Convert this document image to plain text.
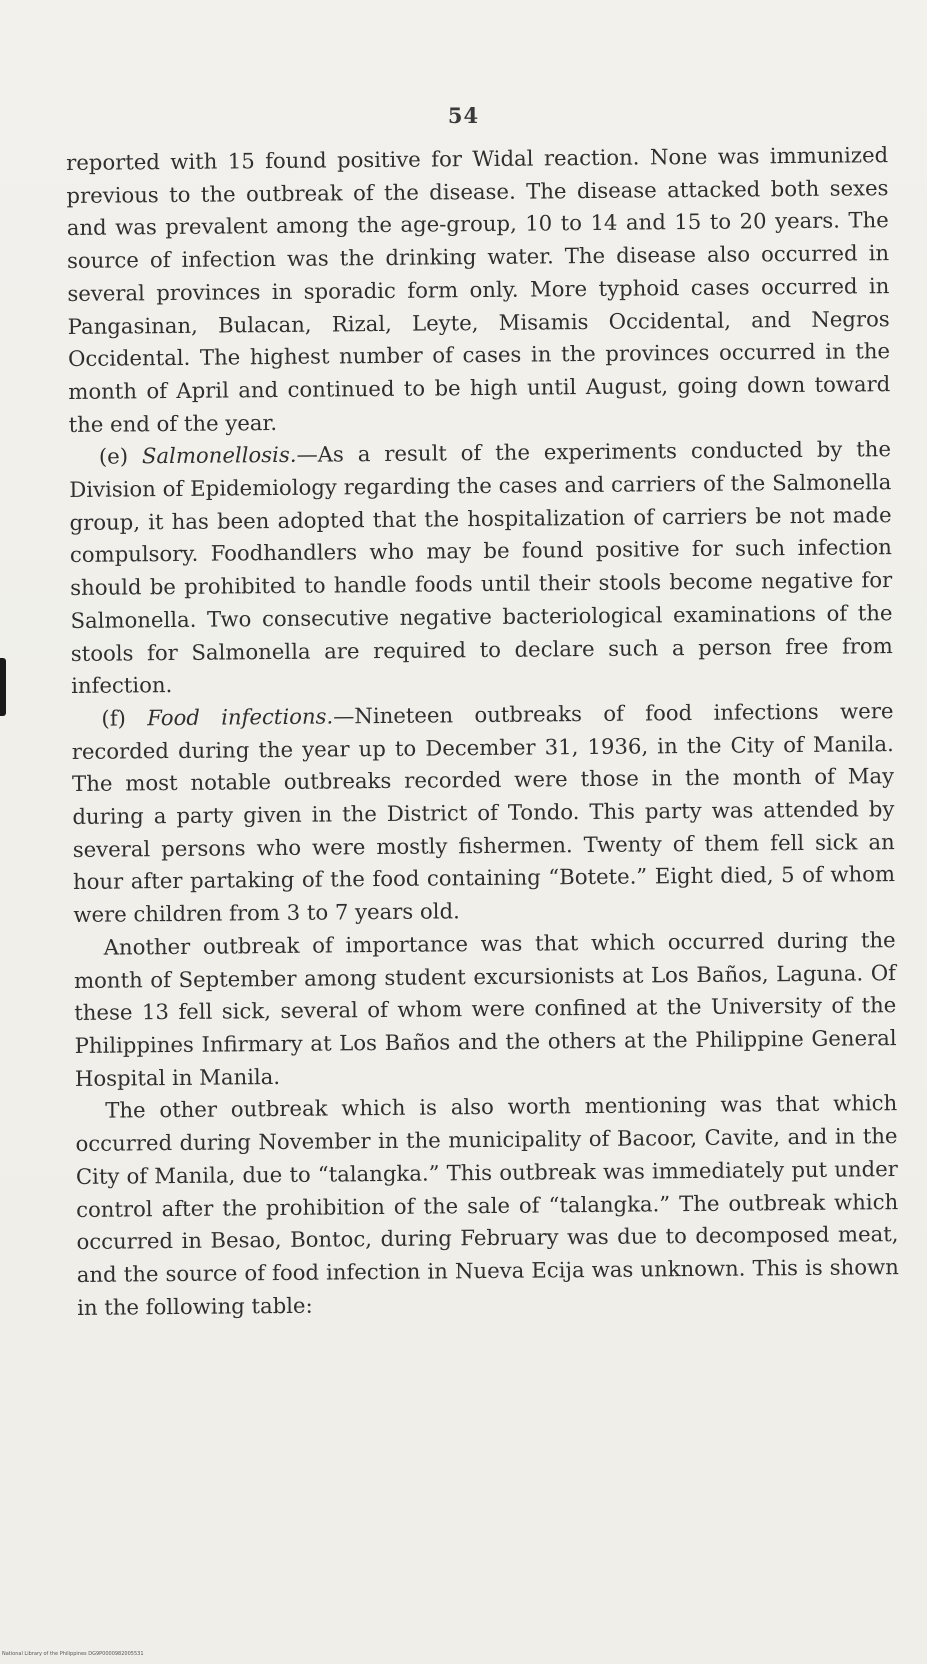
54

reported with 15 found positive for Widal reaction. None was immunized previous to the outbreak of the disease. The disease attacked both sexes and was prevalent among the age-group, 10 to 14 and 15 to 20 years. The source of infection was the drinking water. The disease also occurred in several provinces in sporadic form only. More typhoid cases occurred in Pangasinan, Bulacan, Rizal, Leyte, Misamis Occidental, and Negros Occidental. The highest number of cases in the provinces occurred in the month of April and continued to be high until August, going down toward the end of the year.

(e) Salmonellosis.—As a result of the experiments conducted by the Division of Epidemiology regarding the cases and carriers of the Salmonella group, it has been adopted that the hospitalization of carriers be not made compulsory. Foodhandlers who may be found positive for such infection should be prohibited to handle foods until their stools become negative for Salmonella. Two consecutive negative bacteriological examinations of the stools for Salmonella are required to declare such a person free from infection.

(f) Food infections.—Nineteen outbreaks of food infections were recorded during the year up to December 31, 1936, in the City of Manila. The most notable outbreaks recorded were those in the month of May during a party given in the District of Tondo. This party was attended by several persons who were mostly fishermen. Twenty of them fell sick an hour after partaking of the food containing “Botete.” Eight died, 5 of whom were children from 3 to 7 years old.

Another outbreak of importance was that which occurred during the month of September among student excursionists at Los Baños, Laguna. Of these 13 fell sick, several of whom were confined at the University of the Philippines Infirmary at Los Baños and the others at the Philippine General Hospital in Manila.

The other outbreak which is also worth mentioning was that which occurred during November in the municipality of Bacoor, Cavite, and in the City of Manila, due to “talangka.” This outbreak was immediately put under control after the prohibition of the sale of “talangka.” The outbreak which occurred in Besao, Bontoc, during February was due to decomposed meat, and the source of food infection in Nueva Ecija was unknown. This is shown in the following table:

National Library of the Philippines DG9P0000982005531
